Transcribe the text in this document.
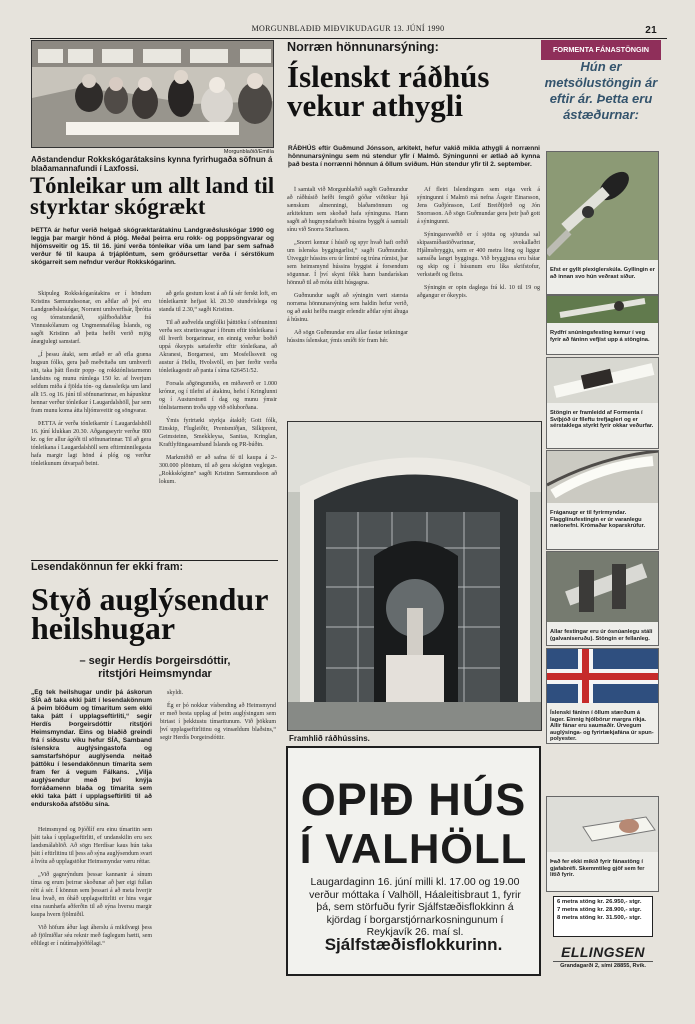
MORGUNBLAÐIÐ MIÐVIKUDAGUR 13. JÚNÍ 1990	21
Morgunblaðið/Emilía
Aðstandendur Rokkskógarátaksins kynna fyrirhugaða söfnun á blaðamannafundi í Laxfossi.
Tónleikar um allt land til styrktar skógrækt
ÞETTA ár hefur verið helgað skógræktarátakinu Landgræðsluskógar 1990 og leggja þar margir hönd á plóg. Meðal þeirra eru rokk- og poppsöngvarar og hljómsveitir og 15. til 16. júní verða tónleikar víða um land þar sem safnað verður fé til kaupa á trjáplöntum, sem gróðursettar verða í sérstökum skógarreit sem nefndur verður Rokkskógarinn.

Skipuleg Rokkskógarátakins er í höndum Kristins Sæmundssonar, en aðilar að því eru Landgræðsluskógar, Norrænt umhverfisár, Íþrótta og tómstundaráð, sjálfboðaliðar frá Vinnuskólanum og Ungmennafélag Íslands, og sagði Kristinn að þetta hefði verið mjög ánægjulegt samstarf.

„Í þessu átaki, sem ætlað er að efla græna hugsun fólks, gera það meðvitaða um umhverfi sitt, taka þátt flestir popp- og rokktónlistarmenn landsins og munu rúmlega 150 kr. af hverjum seldum miða á fjölda tón- og danssleikja um land allt 15. og 16. júní til söfnunarinnar, en hápunktur hennar verður tónleikar í Laugardalshöll, þar sem fram munu koma átta hljómsveitir og söngvarar.

ÞETTA ár verða tónleikarnir í Laugardalshöll 16. júní klukkan 20.30. Aðgangseyrir verður 800 kr. og fer allur ágóði til söfnunarinnar. Til að gera tónleikana í Laugardalshöll sem eftirminnilegasta hafa margir lagt hönd á plóg og verður tónleikunum útvarpað beint.

að gefa gestum kost á að fá sér ferskt loft, en tónleikarnir hefjast kl. 20.30 stundvíslega og standa til 2.30,“ sagði Kristinn.

Til að auðvelda ungfólki þátttöku í söfnuninni verða sex strætisvagnar í förum eftir tónleikana í öll hverfi borgarinnar, en einnig verður boðið uppá ókeypis sætaferðir eftir tónleikana, að Akranesi, Borgarnesi, um Mosfellssveit og austur á Hellu, Hvolsvöll, en þær ferðir verða tónleikagestir að panta í síma 626451/52.

Forsala aðgöngumiða, en miðaverð er 1.000 krónur, og í tilefni af átakinu, hefst í Kringlunni og í Austurstræti í dag og munu ýmsir tónlistarmenn troða upp við söluborðana.

Ýmis fyrirtæki styrkja átakið; Gott fólk, Einskip, Flugleiðir, Prentsmiðjan, Silkiprent, Geimsteinn, Smekkleysa, Sanitas, Kringlan, Kraftlyftingasamband Íslands og PR-búðin.

Markmiðið er að safna fé til kaupa á 2–300.000 plöntum, til að gera skóginn veglegan. „Rokkskóginn“ sagði Kristinn Sæmundsson að lokum.

Lesendakönnun fer ekki fram:
Styð auglýsendur heilshugar
– segir Herdís Þorgeirsdóttir,
ritstjóri Heimsmyndar
„Ég tek heilshugar undir þá áskorun SÍA að taka ekki þátt í lesendakönnum á þeim blöðum og tímaritum sem ekki taka þátt í upplagseftirliti,“ segir Herdís Þorgeirsdóttir ritstjóri Heimsmyndar. Eins og blaðið greindi frá í síðustu viku hefur SÍA, Samband íslenskra auglýsingastofa og samstarfshópur auglýsenda neitað þáttöku í lesendakönnun tímarita sem fram fer á vegum Fálkans. „Vilja auglýsendur með því knýja forráðamenn blaða og tímarita sem ekki taka þátt í upplagseftirliti til að endurskoða afstöðu sína.

Heimsmynd og Þjóðlíf eru einu tímaritin sem þátt taka í upplagseftirliti, ef undanskilin eru sex landsmálablöð. Að sögn Herdísar kaus hún taka þátt í eftirlitinu til þess að sýna auglýsendum svart á hvítu að upplagstölur Heimsmyndar væru réttar.

„Við gagnrýndum þessar kannanir á sínum tíma og erum þeirrar skoðunar að þær eigi fullan rétt á sér. Í könnun sem þessari á að meta hverjir lesa hvað, en óháð upplagseftirliti er hins vegar eina raunhæfa aðferðin til að sýna hversu margir kaupa hvern fjölmiðil.

Við höfum áður lagt áherslu á mikilvægi þess að fjölmiðlar séu reknir með faglegum hætti, sem eðlilegt er í nútímaþjóðfélagi.“

skyldi.

Ég er þó nokkur vísbending að Heimsmynd er með besta upplag af þeim auglýsingum sem birtast í þekktustu tímaritunum. Við þökkum því upplagseftirlitinu og vinsældum blaðsins,“ segir Herdís Þorgeirsdóttir.

Norræn hönnunarsýning:
Íslenskt ráðhús vekur athygli
RÁÐHÚS eftir Guðmund Jónsson, arkitekt, hefur vakið mikla athygli á norrænni hönnunarsýningu sem nú stendur yfir í Malmö. Sýningunni er ætlað að kynna það besta í norrænni hönnun á öllum sviðum. Hún stendur yfir til 2. september.

Í samtali við Morgunblaðið sagði Guðmundur að ráðhúsið hefði fengið góðar viðtökur hjá sænskum almenningi, blaðamönnum og arkitektum sem skoðað hafa sýninguna. Hann sagði að hugmyndafræði hússins byggði á samtali sínu við Snorra Sturluson.

„Snorri kemur í húsið og spyr hvað hafi orðið um íslenska byggingarlist,“ sagði Guðmundur. Útveggir hússins eru úr límtré og trúna rúmist, þar sem heimsmynd hússins byggist á forsendum sögunnar. Í því skyni fékk hann bandarískan hönnuð til að móta útlit húsgagna.

Guðmundur sagði að sýningin væri stærsta norræna hönnunarsýning sem haldin hefur verið, og að auki hefðu margir erlendir aðilar sýnt áhuga á húsinu.

Að sögn Guðmundar eru allar fastar teikningar hússins íslenskar, ýmis smíði fór fram hér.

Af fleiri Íslendingum sem eiga verk á sýningunni í Malmö má nefna Ásgeir Einarsson, Jens Guðjónsson, Leif Breiðfjörð og Jón Snorrason. Að sögn Guðmundar gera þeir það gott á sýningunni.

Sýningarsvæðið er í sjötta og sjöunda sal skipasmíðastöðvarinnar, svokallaðri Hjálmsbryggju, sem er 400 metra löng og liggur samsíða langri byggingu. Við bryggjuna eru bátar og skip og í húsunum eru líka skrifstofur, verkstæði og fleira.

Sýningin er opin daglega frá kl. 10 til 19 og aðgangur er ókeypis.

Framhlið ráðhússins.
OPIÐ HÚS
Í VALHÖLL
Laugardaginn 16. júní milli kl. 17.00 og 19.00 verður móttaka í Valhöll, Háaleitisbraut 1, fyrir þá, sem störfuðu fyrir Sjálfstæðisflokkinn á kjördag í borgarstjórnarkosningunum í Reykjavík 26. maí sl.
Sjálfstæðisflokkurinn.
FORMENTA FÁNASTÖNGIN
Hún er metsölustöngin ár eftir ár. Þetta eru ástæðurnar:
Efst er gyllt plexiglerskúla. Gyllingin er að innan svo hún veðrast síður.
Rydfrí snúningsfesting kemur í veg fyrir að fáninn vefjist upp á stöngina.
Stöngin er framleidd af Formenta í Svíþjóð úr fíleftu trefjagleri og er sérstaklega styrkt fyrir okkar veðurfar.
Fráganugr er til fyrirmyndar. Flagglínufestingin er úr varanlegu nælonefni. Krómaðar koparskrúfur.
Allar festingar eru úr ósnúanlegu stáli (galvaniseruðu). Stöngin er fellanleg.
Íslenski fáninn í öllum stærðum á lager. Einnig hjólbörur margra ríkja. Allir fánar eru saumaðir. Úrvegum auglýsinga- og fyrirtækjafána úr spun-polyester.
Það fer ekki mikið fyrir fánastöng í gjafabréfi. Skemmtileg gjöf sem fer lítið fyrir.
6 metra stöng kr. 26.950,- stgr.
7 metra stöng kr. 28.900,- stgr.
8 metra stöng kr. 31.500,- stgr.
ELLINGSEN
Grandagarði 2, sími 28855, Rvík.
